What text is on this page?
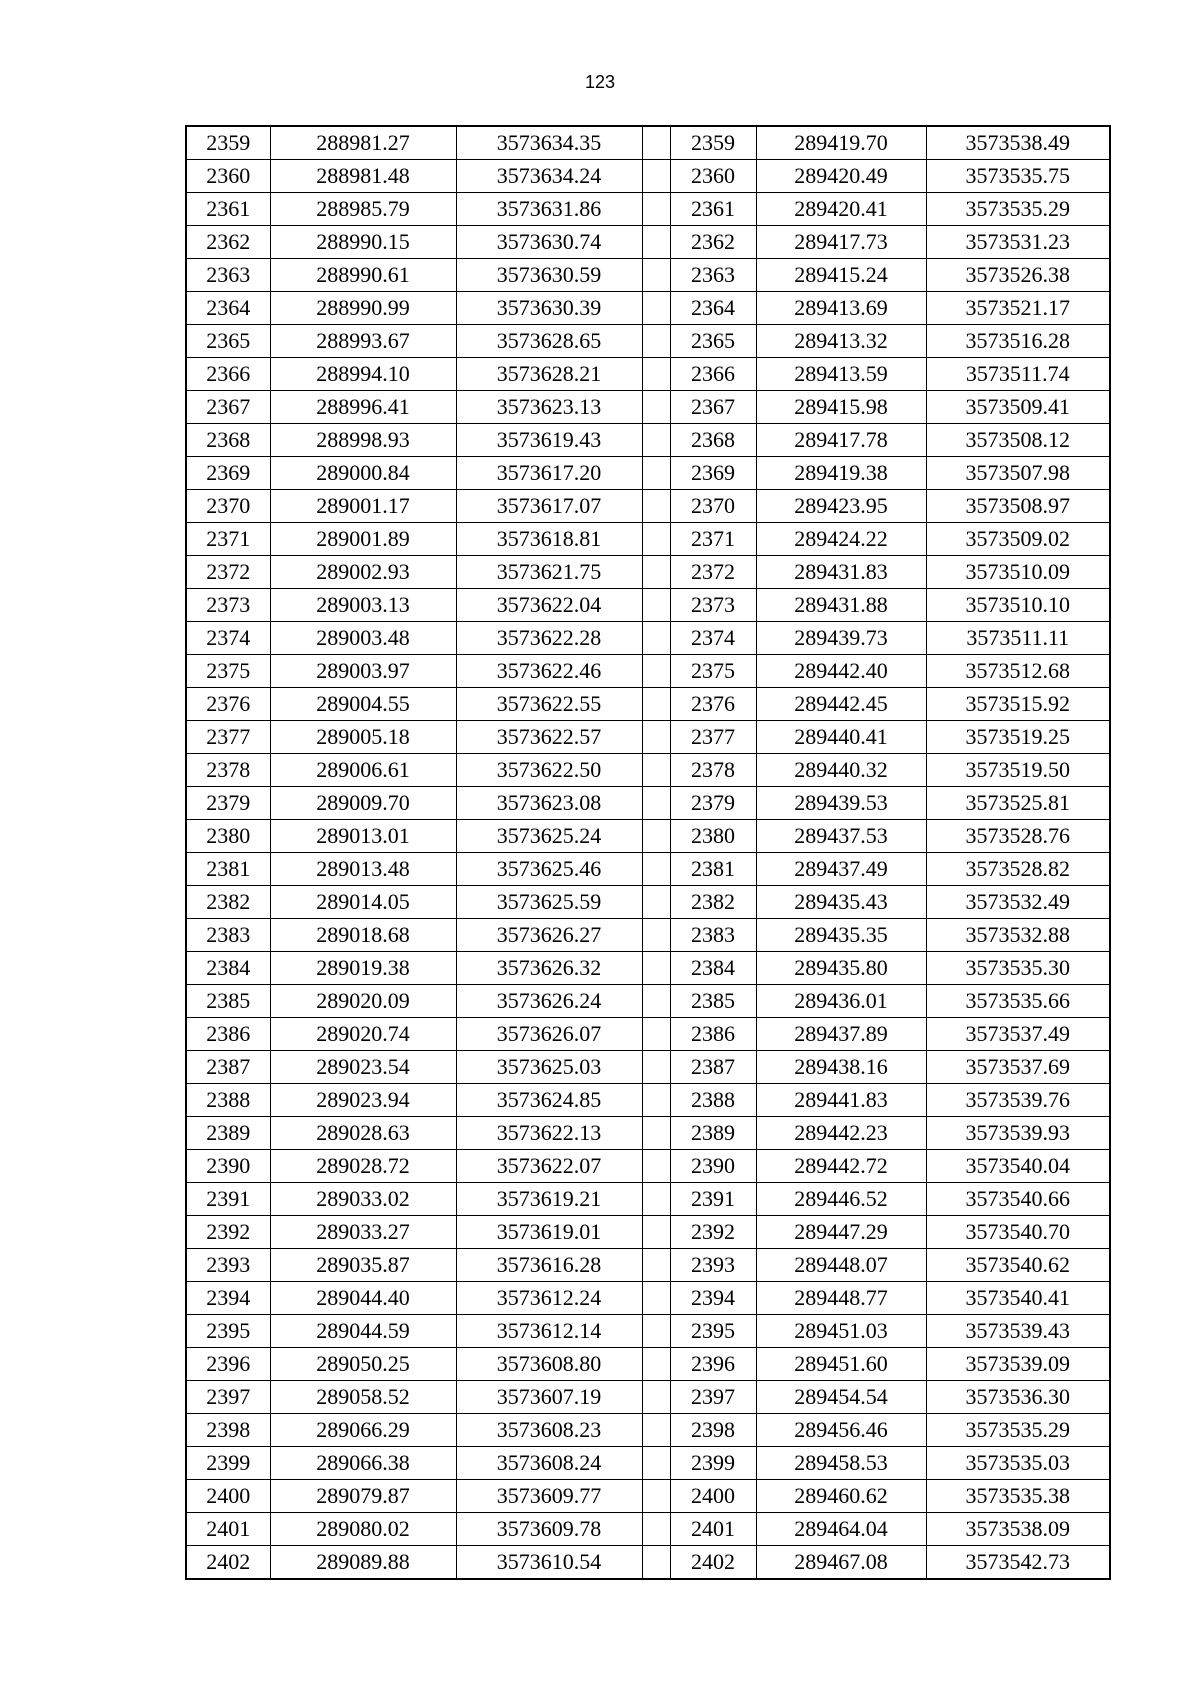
123
2359	288981.27	3573634.35		2359	289419.70	3573538.49
2360	288981.48	3573634.24		2360	289420.49	3573535.75
2361	288985.79	3573631.86		2361	289420.41	3573535.29
2362	288990.15	3573630.74		2362	289417.73	3573531.23
2363	288990.61	3573630.59		2363	289415.24	3573526.38
2364	288990.99	3573630.39		2364	289413.69	3573521.17
2365	288993.67	3573628.65		2365	289413.32	3573516.28
2366	288994.10	3573628.21		2366	289413.59	3573511.74
2367	288996.41	3573623.13		2367	289415.98	3573509.41
2368	288998.93	3573619.43		2368	289417.78	3573508.12
2369	289000.84	3573617.20		2369	289419.38	3573507.98
2370	289001.17	3573617.07		2370	289423.95	3573508.97
2371	289001.89	3573618.81		2371	289424.22	3573509.02
2372	289002.93	3573621.75		2372	289431.83	3573510.09
2373	289003.13	3573622.04		2373	289431.88	3573510.10
2374	289003.48	3573622.28		2374	289439.73	3573511.11
2375	289003.97	3573622.46		2375	289442.40	3573512.68
2376	289004.55	3573622.55		2376	289442.45	3573515.92
2377	289005.18	3573622.57		2377	289440.41	3573519.25
2378	289006.61	3573622.50		2378	289440.32	3573519.50
2379	289009.70	3573623.08		2379	289439.53	3573525.81
2380	289013.01	3573625.24		2380	289437.53	3573528.76
2381	289013.48	3573625.46		2381	289437.49	3573528.82
2382	289014.05	3573625.59		2382	289435.43	3573532.49
2383	289018.68	3573626.27		2383	289435.35	3573532.88
2384	289019.38	3573626.32		2384	289435.80	3573535.30
2385	289020.09	3573626.24		2385	289436.01	3573535.66
2386	289020.74	3573626.07		2386	289437.89	3573537.49
2387	289023.54	3573625.03		2387	289438.16	3573537.69
2388	289023.94	3573624.85		2388	289441.83	3573539.76
2389	289028.63	3573622.13		2389	289442.23	3573539.93
2390	289028.72	3573622.07		2390	289442.72	3573540.04
2391	289033.02	3573619.21		2391	289446.52	3573540.66
2392	289033.27	3573619.01		2392	289447.29	3573540.70
2393	289035.87	3573616.28		2393	289448.07	3573540.62
2394	289044.40	3573612.24		2394	289448.77	3573540.41
2395	289044.59	3573612.14		2395	289451.03	3573539.43
2396	289050.25	3573608.80		2396	289451.60	3573539.09
2397	289058.52	3573607.19		2397	289454.54	3573536.30
2398	289066.29	3573608.23		2398	289456.46	3573535.29
2399	289066.38	3573608.24		2399	289458.53	3573535.03
2400	289079.87	3573609.77		2400	289460.62	3573535.38
2401	289080.02	3573609.78		2401	289464.04	3573538.09
2402	289089.88	3573610.54		2402	289467.08	3573542.73
